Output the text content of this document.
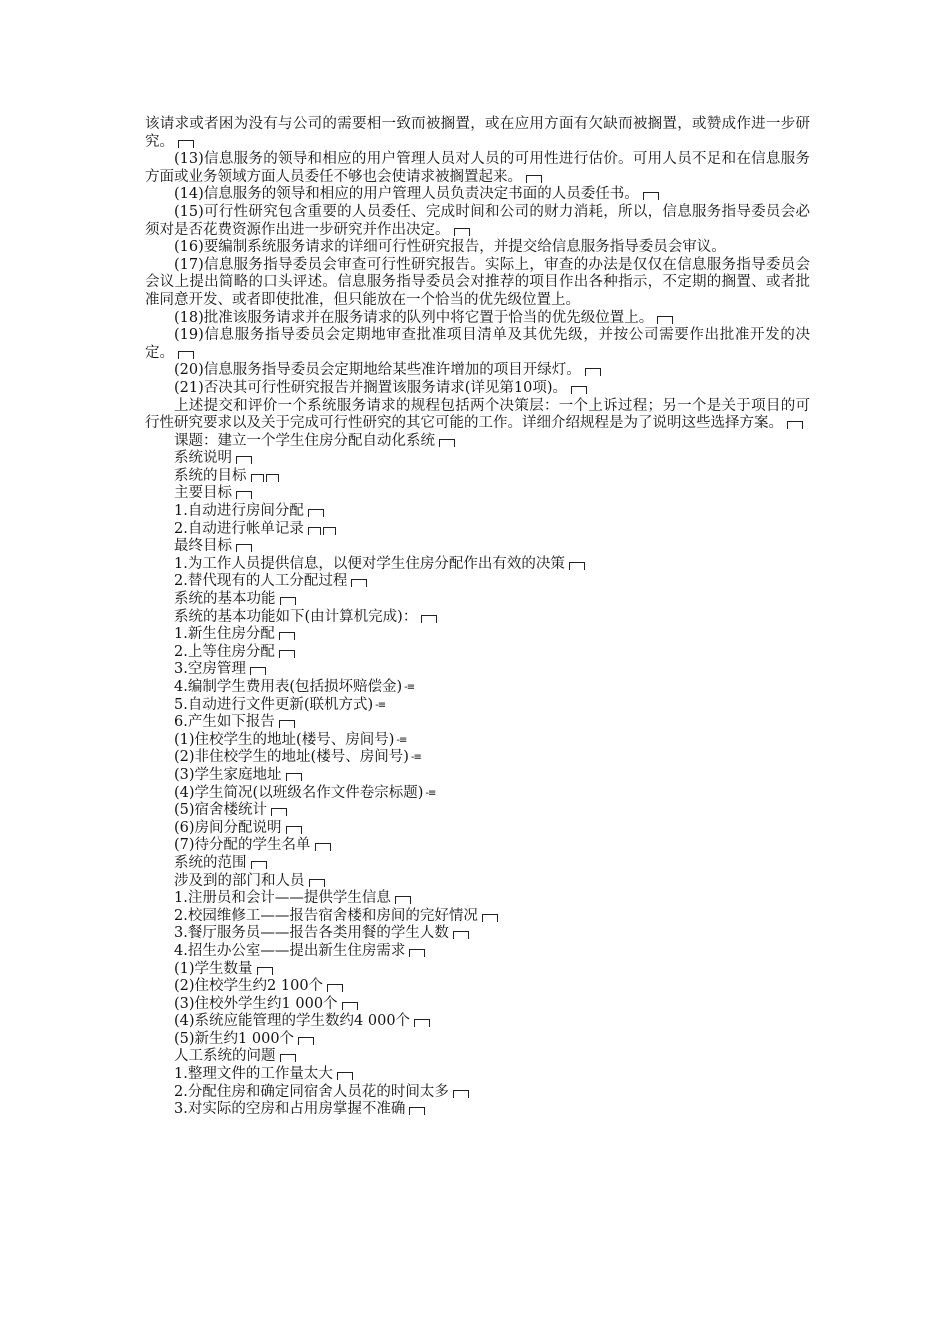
该请求或者困为没有与公司的需要相一致而被搁置，或在应用方面有欠缺而被搁置，或赞成作进一步研究。

(13)信息服务的领导和相应的用户管理人员对人员的可用性进行估价。可用人员不足和在信息服务方面或业务领域方面人员委任不够也会使请求被搁置起来。

(14)信息服务的领导和相应的用户管理人员负责决定书面的人员委任书。

(15)可行性研究包含重要的人员委任、完成时间和公司的财力消耗，所以，信息服务指导委员会必须对是否花费资源作出进一步研究并作出决定。

(16)要编制系统服务请求的详细可行性研究报告，并提交给信息服务指导委员会审议。

(17)信息服务指导委员会审查可行性研究报告。实际上，审查的办法是仅仅在信息服务指导委员会会议上提出简略的口头评述。信息服务指导委员会对推荐的项目作出各种指示，不定期的搁置、或者批准同意开发、或者即使批准，但只能放在一个恰当的优先级位置上。

(18)批准该服务请求并在服务请求的队列中将它置于恰当的优先级位置上。

(19)信息服务指导委员会定期地审查批准项目清单及其优先级，并按公司需要作出批准开发的决定。

(20)信息服务指导委员会定期地给某些准许增加的项目开绿灯。

(21)否决其可行性研究报告并搁置该服务请求(详见第10项)。

上述提交和评价一个系统服务请求的规程包括两个决策层：一个上诉过程；另一个是关于项目的可行性研究要求以及关于完成可行性研究的其它可能的工作。详细介绍规程是为了说明这些选择方案。

课题：建立一个学生住房分配自动化系统

系统说明

系统的目标

主要目标

1.自动进行房间分配

2.自动进行帐单记录

最终目标

1.为工作人员提供信息，以便对学生住房分配作出有效的决策

2.替代现有的人工分配过程

系统的基本功能

系统的基本功能如下(由计算机完成)：

1.新生住房分配

2.上等住房分配

3.空房管理

4.编制学生费用表(包括损坏赔偿金) -≡

5.自动进行文件更新(联机方式) -≡

6.产生如下报告

(1)住校学生的地址(楼号、房间号) -≡

(2)非住校学生的地址(楼号、房间号) -≡

(3)学生家庭地址

(4)学生简况(以班级名作文件卷宗标题) -≡

(5)宿舍楼统计

(6)房间分配说明

(7)待分配的学生名单

系统的范围

涉及到的部门和人员

1.注册员和会计——提供学生信息

2.校园维修工——报告宿舍楼和房间的完好情况

3.餐厅服务员——报告各类用餐的学生人数

4.招生办公室——提出新生住房需求

(1)学生数量

(2)住校学生约2 100个

(3)住校外学生约1 000个

(4)系统应能管理的学生数约4 000个

(5)新生约1 000个

人工系统的问题

1.整理文件的工作量太大

2.分配住房和确定同宿舍人员花的时间太多

3.对实际的空房和占用房掌握不准确
